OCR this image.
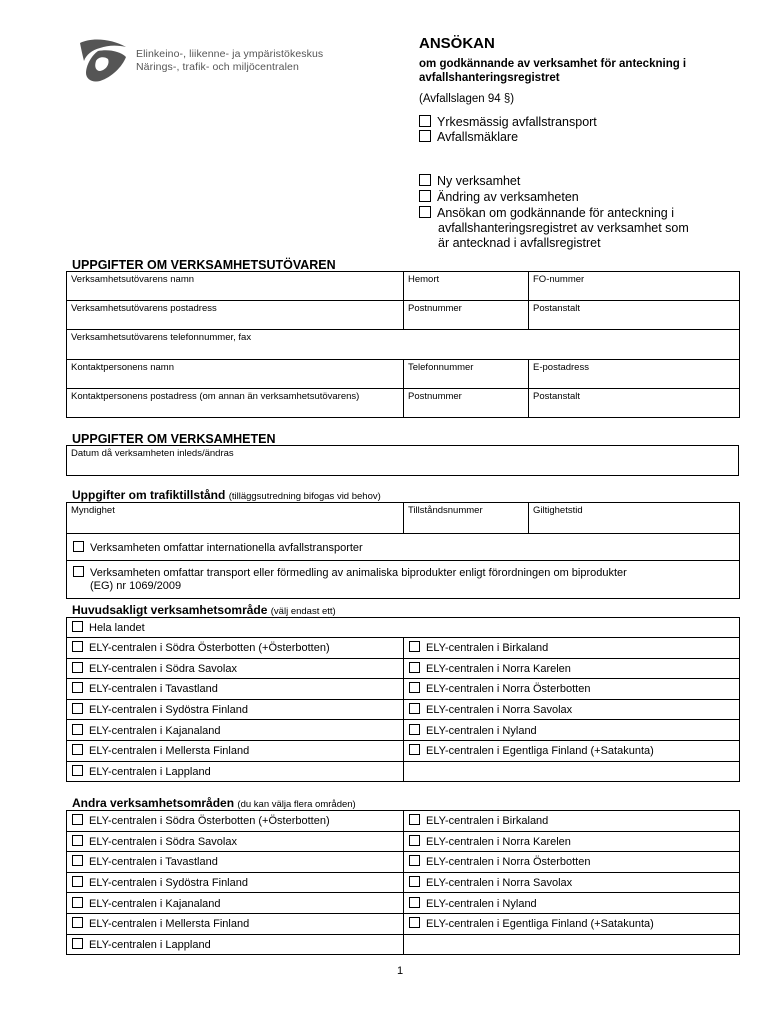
Elinkeino-, liikenne- ja ympäristökeskus
Närings-, trafik- och miljöcentralen
ANSÖKAN
om godkännande av verksamhet för anteckning i avfallshanteringsregistret
(Avfallslagen 94 §)
Yrkesmässig avfallstransport
Avfallsmäklare
Ny verksamhet
Ändring av verksamheten
Ansökan om godkännande för anteckning i
avfallshanteringsregistret av verksamhet som
är antecknad i avfallsregistret
UPPGIFTER OM VERKSAMHETSUTÖVAREN
Verksamhetsutövarens namn	Hemort	FO-nummer
Verksamhetsutövarens postadress	Postnummer	Postanstalt
Verksamhetsutövarens telefonnummer, fax		
Kontaktpersonens namn	Telefonnummer	E-postadress
Kontaktpersonens postadress (om annan än verksamhetsutövarens)	Postnummer	Postanstalt
UPPGIFTER OM VERKSAMHETEN
Datum då verksamheten inleds/ändras
Uppgifter om trafiktillstånd (tilläggsutredning bifogas vid behov)
Myndighet	Tillståndsnummer	Giltighetstid
Verksamheten omfattar internationella avfallstransporter
Verksamheten omfattar transport eller förmedling av animaliska biprodukter enligt förordningen om biprodukter
(EG) nr 1069/2009
Huvudsakligt verksamhetsområde (välj endast ett)
Hela landet	
ELY-centralen i Södra Österbotten (+Österbotten)	ELY-centralen i Birkaland
ELY-centralen i Södra Savolax	ELY-centralen i Norra Karelen
ELY-centralen i Tavastland	ELY-centralen i Norra Österbotten
ELY-centralen i Sydöstra Finland	ELY-centralen i Norra Savolax
ELY-centralen i Kajanaland	ELY-centralen i Nyland
ELY-centralen i Mellersta Finland	ELY-centralen i Egentliga Finland (+Satakunta)
ELY-centralen i Lappland	
Andra verksamhetsområden (du kan välja flera områden)
ELY-centralen i Södra Österbotten (+Österbotten)	ELY-centralen i Birkaland
ELY-centralen i Södra Savolax	ELY-centralen i Norra Karelen
ELY-centralen i Tavastland	ELY-centralen i Norra Österbotten
ELY-centralen i Sydöstra Finland	ELY-centralen i Norra Savolax
ELY-centralen i Kajanaland	ELY-centralen i Nyland
ELY-centralen i Mellersta Finland	ELY-centralen i Egentliga Finland (+Satakunta)
ELY-centralen i Lappland	
1
